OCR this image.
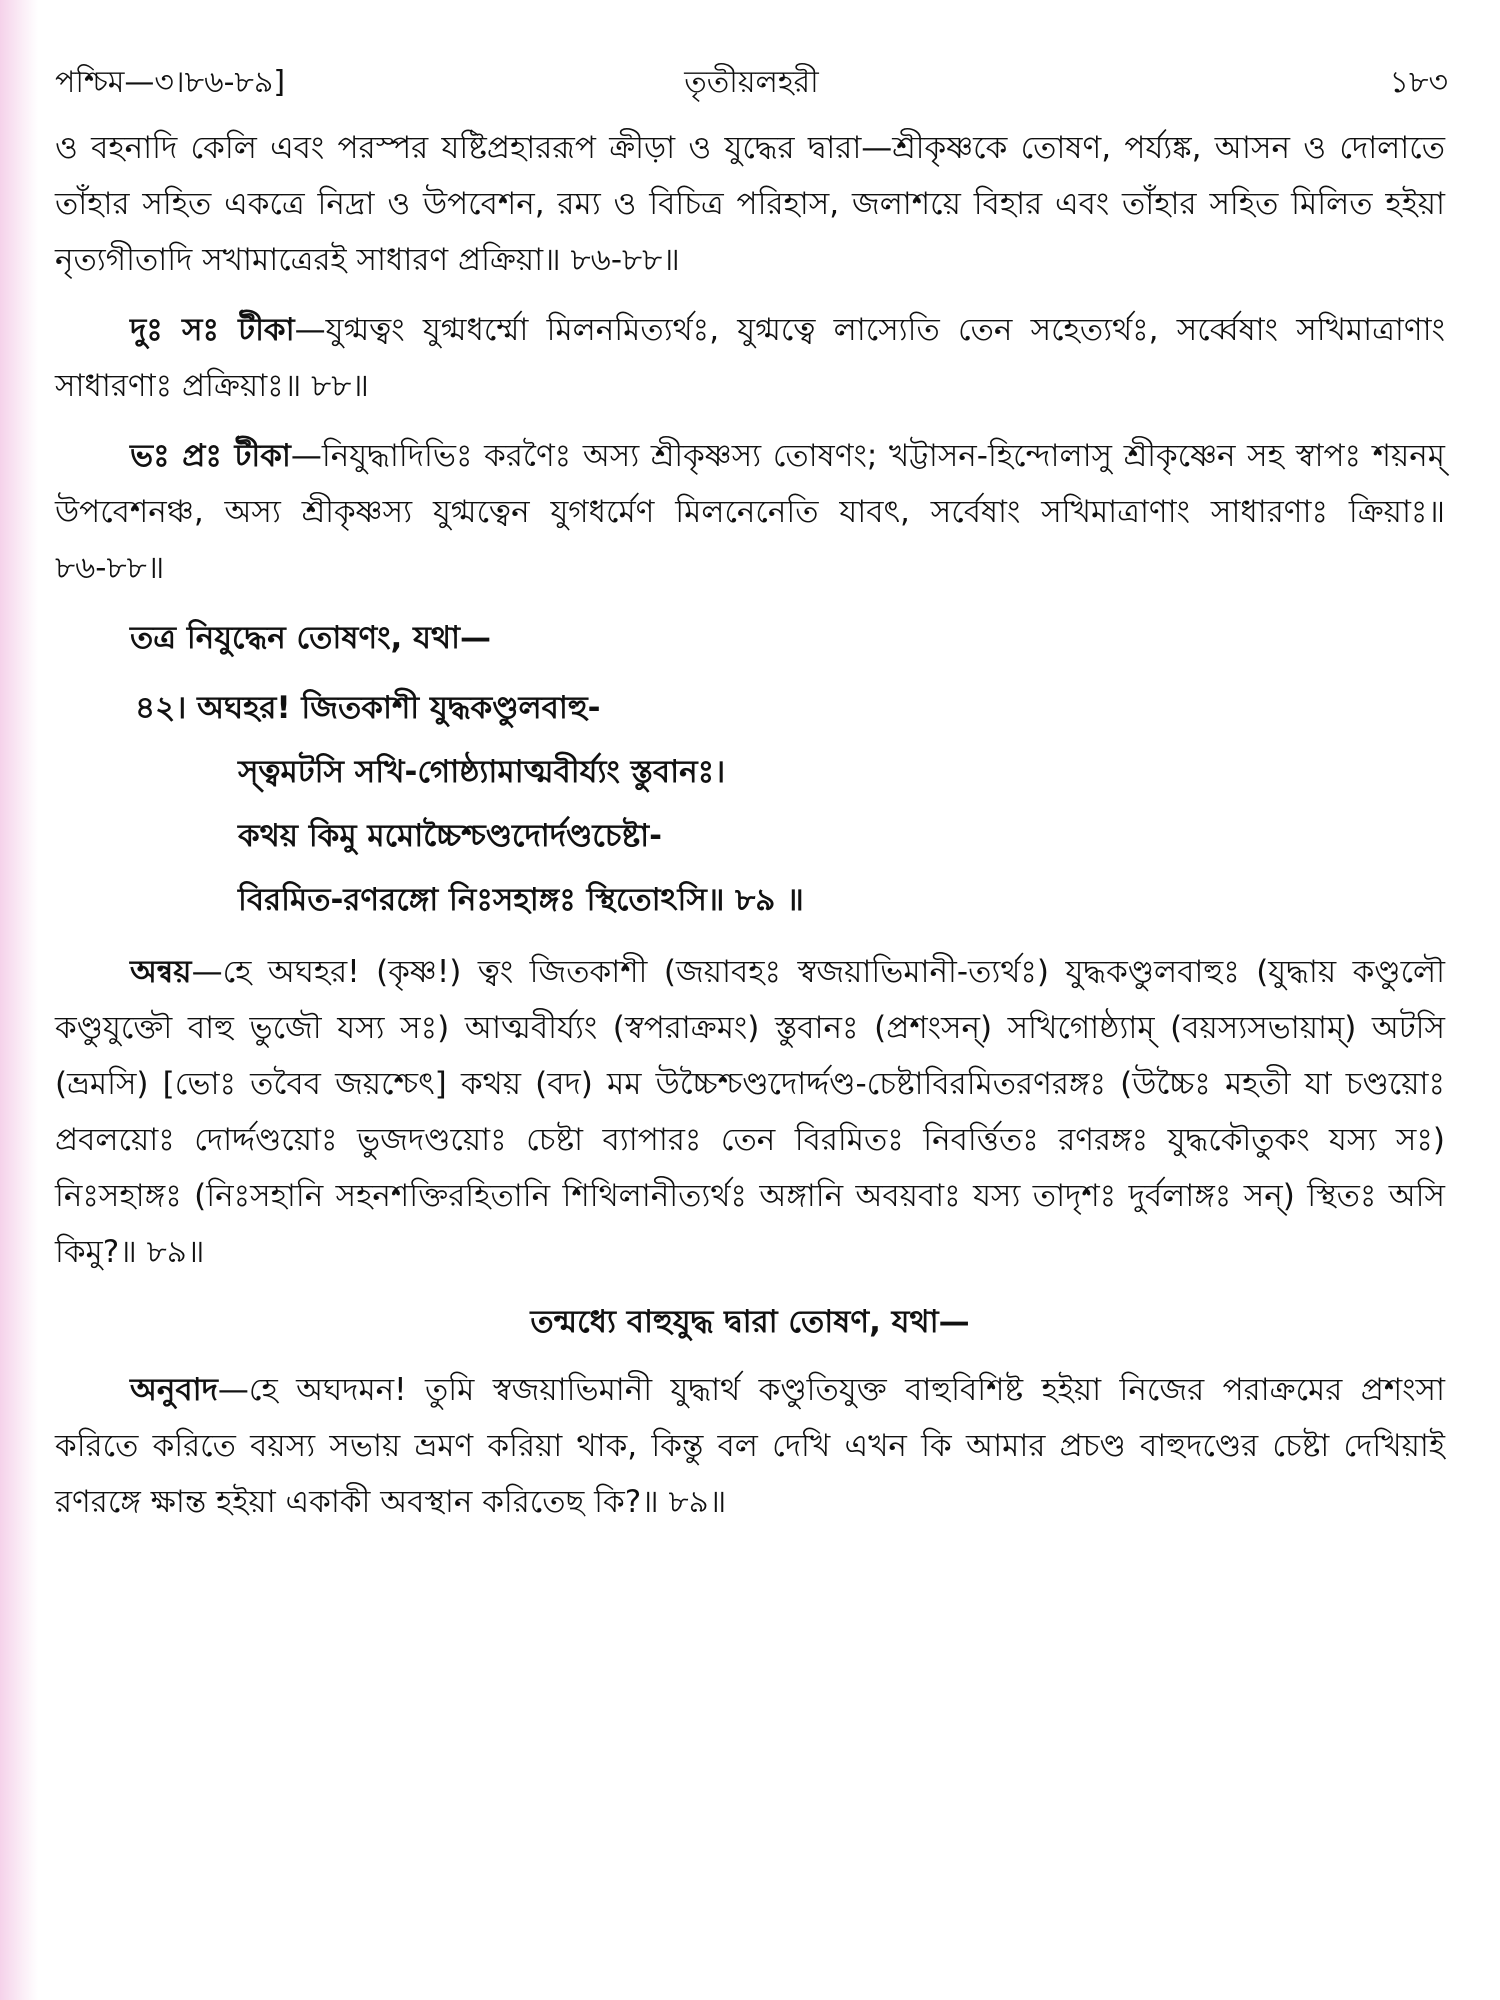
পশ্চিম—৩।৮৬-৮৯]	তৃতীয়লহরী	১৮৩

ও বহনাদি কেলি এবং পরস্পর যষ্টিপ্রহাররূপ ক্রীড়া ও যুদ্ধের দ্বারা—শ্রীকৃষ্ণকে তোষণ, পর্য্যঙ্ক, আসন ও দোলাতে তাঁহার সহিত একত্রে নিদ্রা ও উপবেশন, রম্য ও বিচিত্র পরিহাস, জলাশয়ে বিহার এবং তাঁহার সহিত মিলিত হইয়া নৃত্যগীতাদি সখামাত্রেরই সাধারণ প্রক্রিয়া॥ ৮৬-৮৮॥

দুঃ সঃ টীকা—যুগ্মত্বং যুগ্মধর্ম্মো মিলনমিত্যর্থঃ, যুগ্মত্বে লাস্যেতি তেন সহেত্যর্থঃ, সর্ব্বেষাং সখিমাত্রাণাং সাধারণাঃ প্রক্রিয়াঃ॥ ৮৮॥

ভঃ প্রঃ টীকা—নিযুদ্ধাদিভিঃ করণৈঃ অস্য শ্রীকৃষ্ণস্য তোষণং; খট্টাসন-হিন্দোলাসু শ্রীকৃষ্ণেন সহ স্বাপঃ শয়নম্ উপবেশনঞ্চ, অস্য শ্রীকৃষ্ণস্য যুগ্মত্বেন যুগধর্মেণ মিলনেনেতি যাবৎ, সর্বেষাং সখিমাত্রাণাং সাধারণাঃ ক্রিয়াঃ॥ ৮৬-৮৮॥

তত্র নিযুদ্ধেন তোষণং, যথা—

৪২। অঘহর! জিতকাশী যুদ্ধকণ্ডুলবাহু-
স্ত্বমটসি সখি-গোষ্ঠ্যামাত্মবীর্য্যং স্তুবানঃ।
কথয় কিমু মমোচ্চৈশ্চণ্ডদোর্দণ্ডচেষ্টা-
বিরমিত-রণরঙ্গো নিঃসহাঙ্গঃ স্থিতোঽসি॥ ৮৯ ॥

অন্বয়—হে অঘহর! (কৃষ্ণ!) ত্বং জিতকাশী (জয়াবহঃ স্বজয়াভিমানী-ত্যর্থঃ) যুদ্ধকণ্ডুলবাহুঃ (যুদ্ধায় কণ্ডুলৌ কণ্ডুযুক্তৌ বাহু ভুজৌ যস্য সঃ) আত্মবীর্য্যং (স্বপরাক্রমং) স্তুবানঃ (প্রশংসন্) সখিগোষ্ঠ্যাম্ (বয়স্যসভায়াম্) অটসি (ভ্রমসি) [ভোঃ তবৈব জয়শ্চেৎ] কথয় (বদ) মম উচ্চৈশ্চণ্ডদোর্দ্দণ্ড-চেষ্টাবিরমিতরণরঙ্গঃ (উচ্চৈঃ মহতী যা চণ্ডয়োঃ প্রবলয়োঃ দোর্দ্দণ্ডয়োঃ ভুজদণ্ডয়োঃ চেষ্টা ব্যাপারঃ তেন বিরমিতঃ নিবর্ত্তিতঃ রণরঙ্গঃ যুদ্ধকৌতুকং যস্য সঃ) নিঃসহাঙ্গঃ (নিঃসহানি সহনশক্তিরহিতানি শিথিলানীত্যর্থঃ অঙ্গানি অবয়বাঃ যস্য তাদৃশঃ দুর্বলাঙ্গঃ সন্) স্থিতঃ অসি কিমু?॥ ৮৯॥

তন্মধ্যে বাহুযুদ্ধ দ্বারা তোষণ, যথা—

অনুবাদ—হে অঘদমন! তুমি স্বজয়াভিমানী যুদ্ধার্থ কণ্ডুতিযুক্ত বাহুবিশিষ্ট হইয়া নিজের পরাক্রমের প্রশংসা করিতে করিতে বয়স্য সভায় ভ্রমণ করিয়া থাক, কিন্তু বল দেখি এখন কি আমার প্রচণ্ড বাহুদণ্ডের চেষ্টা দেখিয়াই রণরঙ্গে ক্ষান্ত হইয়া একাকী অবস্থান করিতেছ কি?॥ ৮৯॥
